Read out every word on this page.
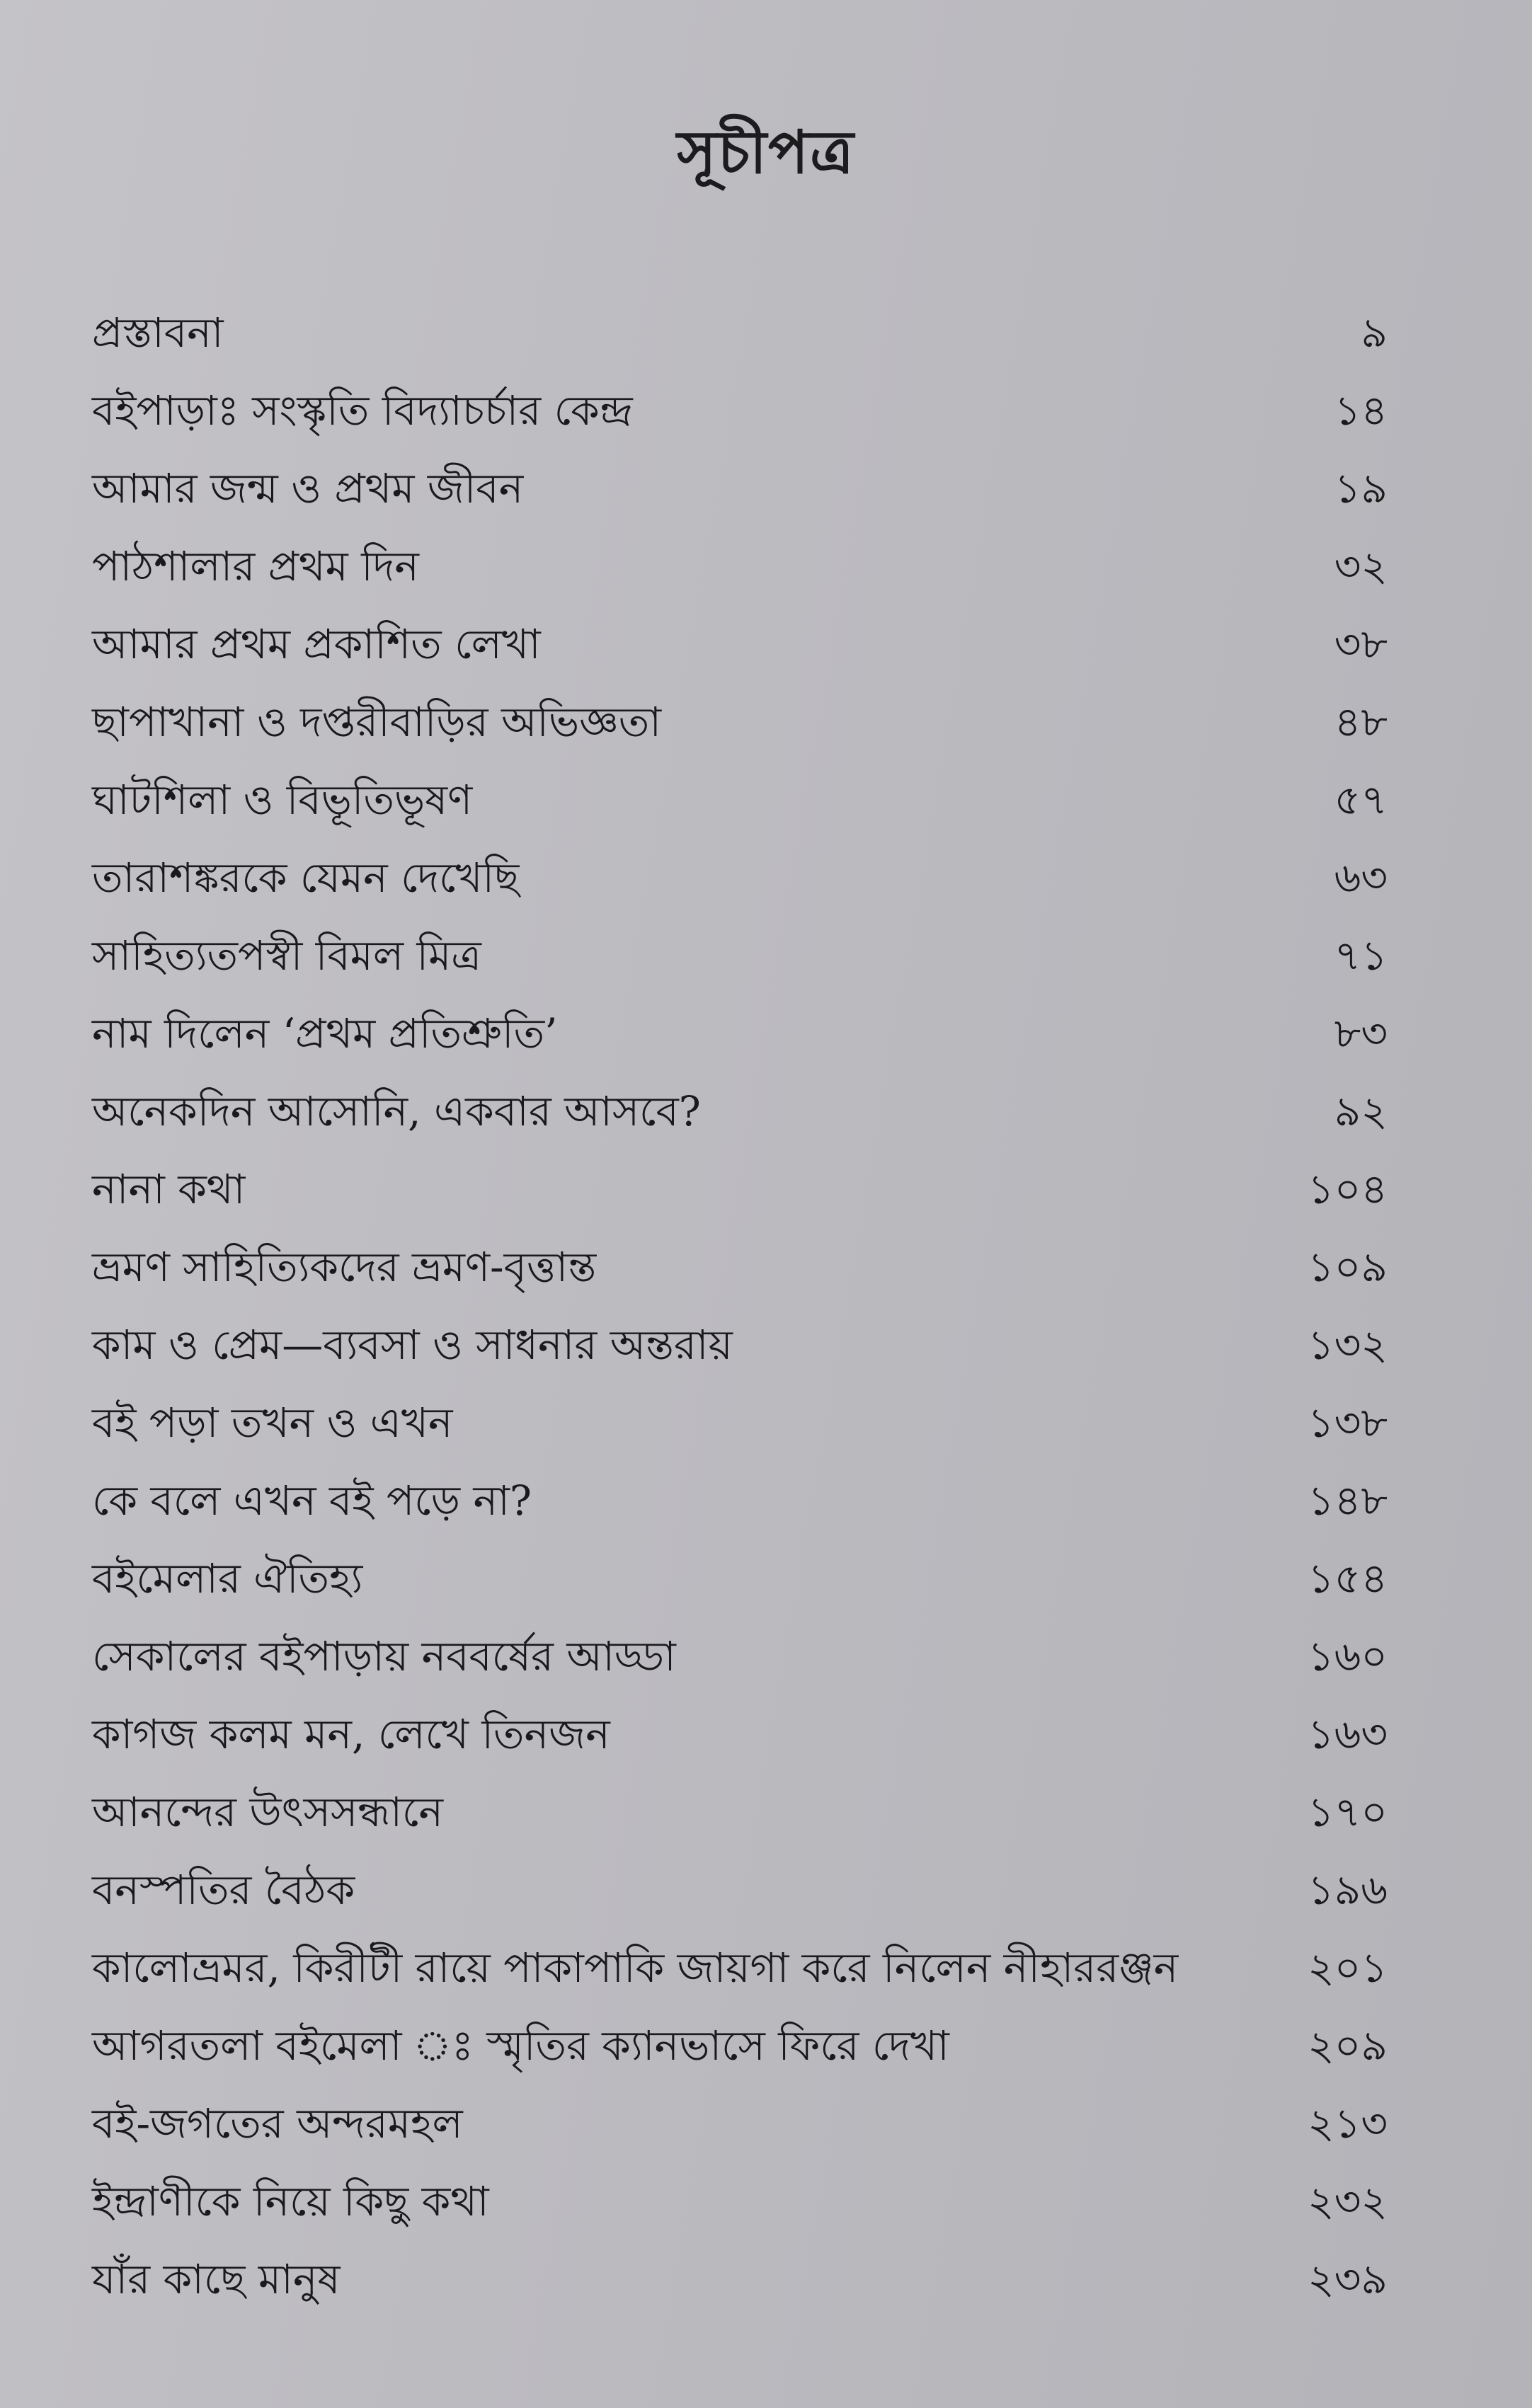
সূচীপত্র
প্রস্তাবনা	৯
বইপাড়াঃ সংস্কৃতি বিদ্যাচর্চার কেন্দ্র	১৪
আমার জন্ম ও প্রথম জীবন	১৯
পাঠশালার প্রথম দিন	৩২
আমার প্রথম প্রকাশিত লেখা	৩৮
ছাপাখানা ও দপ্তরীবাড়ির অভিজ্ঞতা	৪৮
ঘাটশিলা ও বিভূতিভূষণ	৫৭
তারাশঙ্করকে যেমন দেখেছি	৬৩
সাহিত্যতপস্বী বিমল মিত্র	৭১
নাম দিলেন ‘প্রথম প্রতিশ্রুতি’	৮৩
অনেকদিন আসোনি, একবার আসবে?	৯২
নানা কথা	১০৪
ভ্রমণ সাহিত্যিকদের ভ্রমণ-বৃত্তান্ত	১০৯
কাম ও প্রেম—ব্যবসা ও সাধনার অন্তরায়	১৩২
বই পড়া তখন ও এখন	১৩৮
কে বলে এখন বই পড়ে না?	১৪৮
বইমেলার ঐতিহ্য	১৫৪
সেকালের বইপাড়ায় নববর্ষের আড্ডা	১৬০
কাগজ কলম মন, লেখে তিনজন	১৬৩
আনন্দের উৎসসন্ধানে	১৭০
বনস্পতির বৈঠক	১৯৬
কালোভ্রমর, কিরীটী রায়ে পাকাপাকি জায়গা করে নিলেন নীহাররঞ্জন	২০১
আগরতলা বইমেলা ঃ স্মৃতির ক্যানভাসে ফিরে দেখা	২০৯
বই-জগতের অন্দরমহল	২১৩
ইন্দ্রাণীকে নিয়ে কিছু কথা	২৩২
যাঁর কাছে মানুষ	২৩৯
